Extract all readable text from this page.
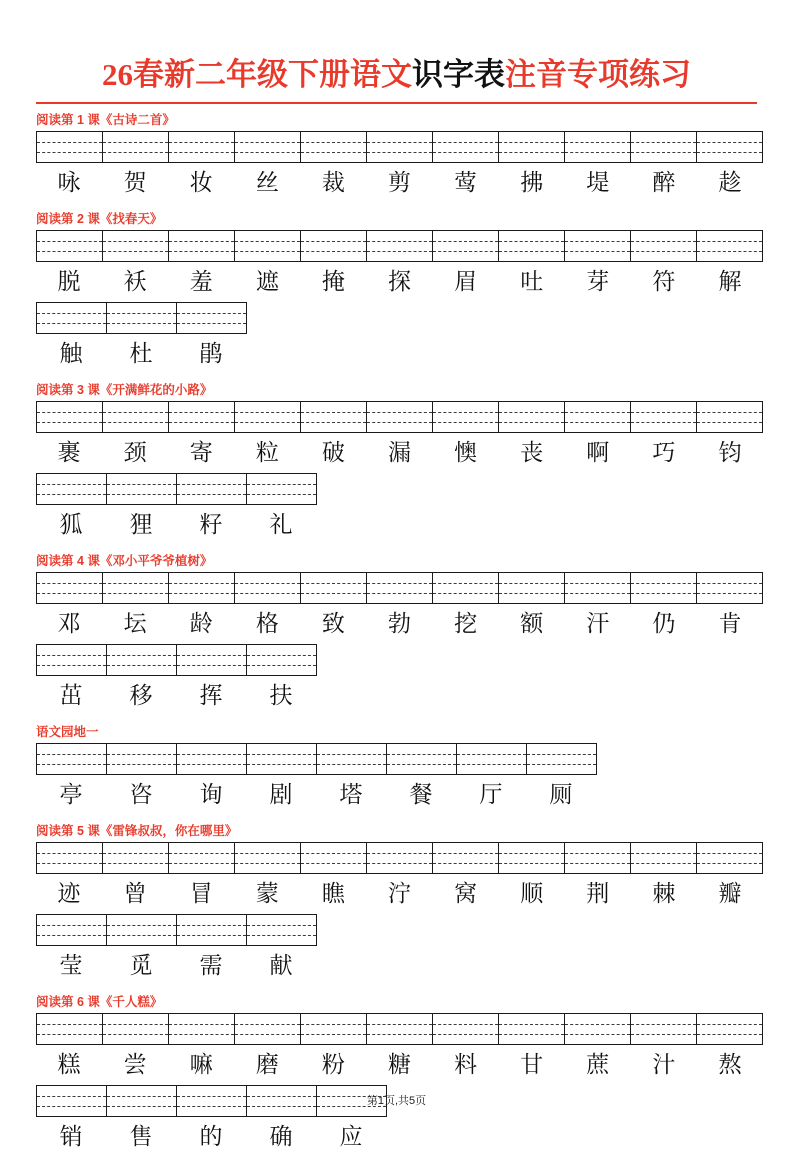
26春新二年级下册语文识字表注音专项练习
阅读第 1 课《古诗二首》
咏	贺	妆	丝	裁	剪	莺	拂	堤	醉	趁
阅读第 2 课《找春天》
脱	袄	羞	遮	掩	探	眉	吐	芽	符	解
触	杜	鹃
阅读第 3 课《开满鲜花的小路》
裹	颈	寄	粒	破	漏	懊	丧	啊	巧	钧
狐	狸	籽	礼
阅读第 4 课《邓小平爷爷植树》
邓	坛	龄	格	致	勃	挖	额	汗	仍	肯
茁	移	挥	扶
语文园地一
亭	咨	询	剧	塔	餐	厅	厕
阅读第 5 课《雷锋叔叔，你在哪里》
迹	曾	冒	蒙	瞧	泞	窝	顺	荆	棘	瓣
莹	觅	需	献
阅读第 6 课《千人糕》
糕	尝	嘛	磨	粉	糖	料	甘	蔗	汁	熬
销	售	的	确	应
第1页,共5页
